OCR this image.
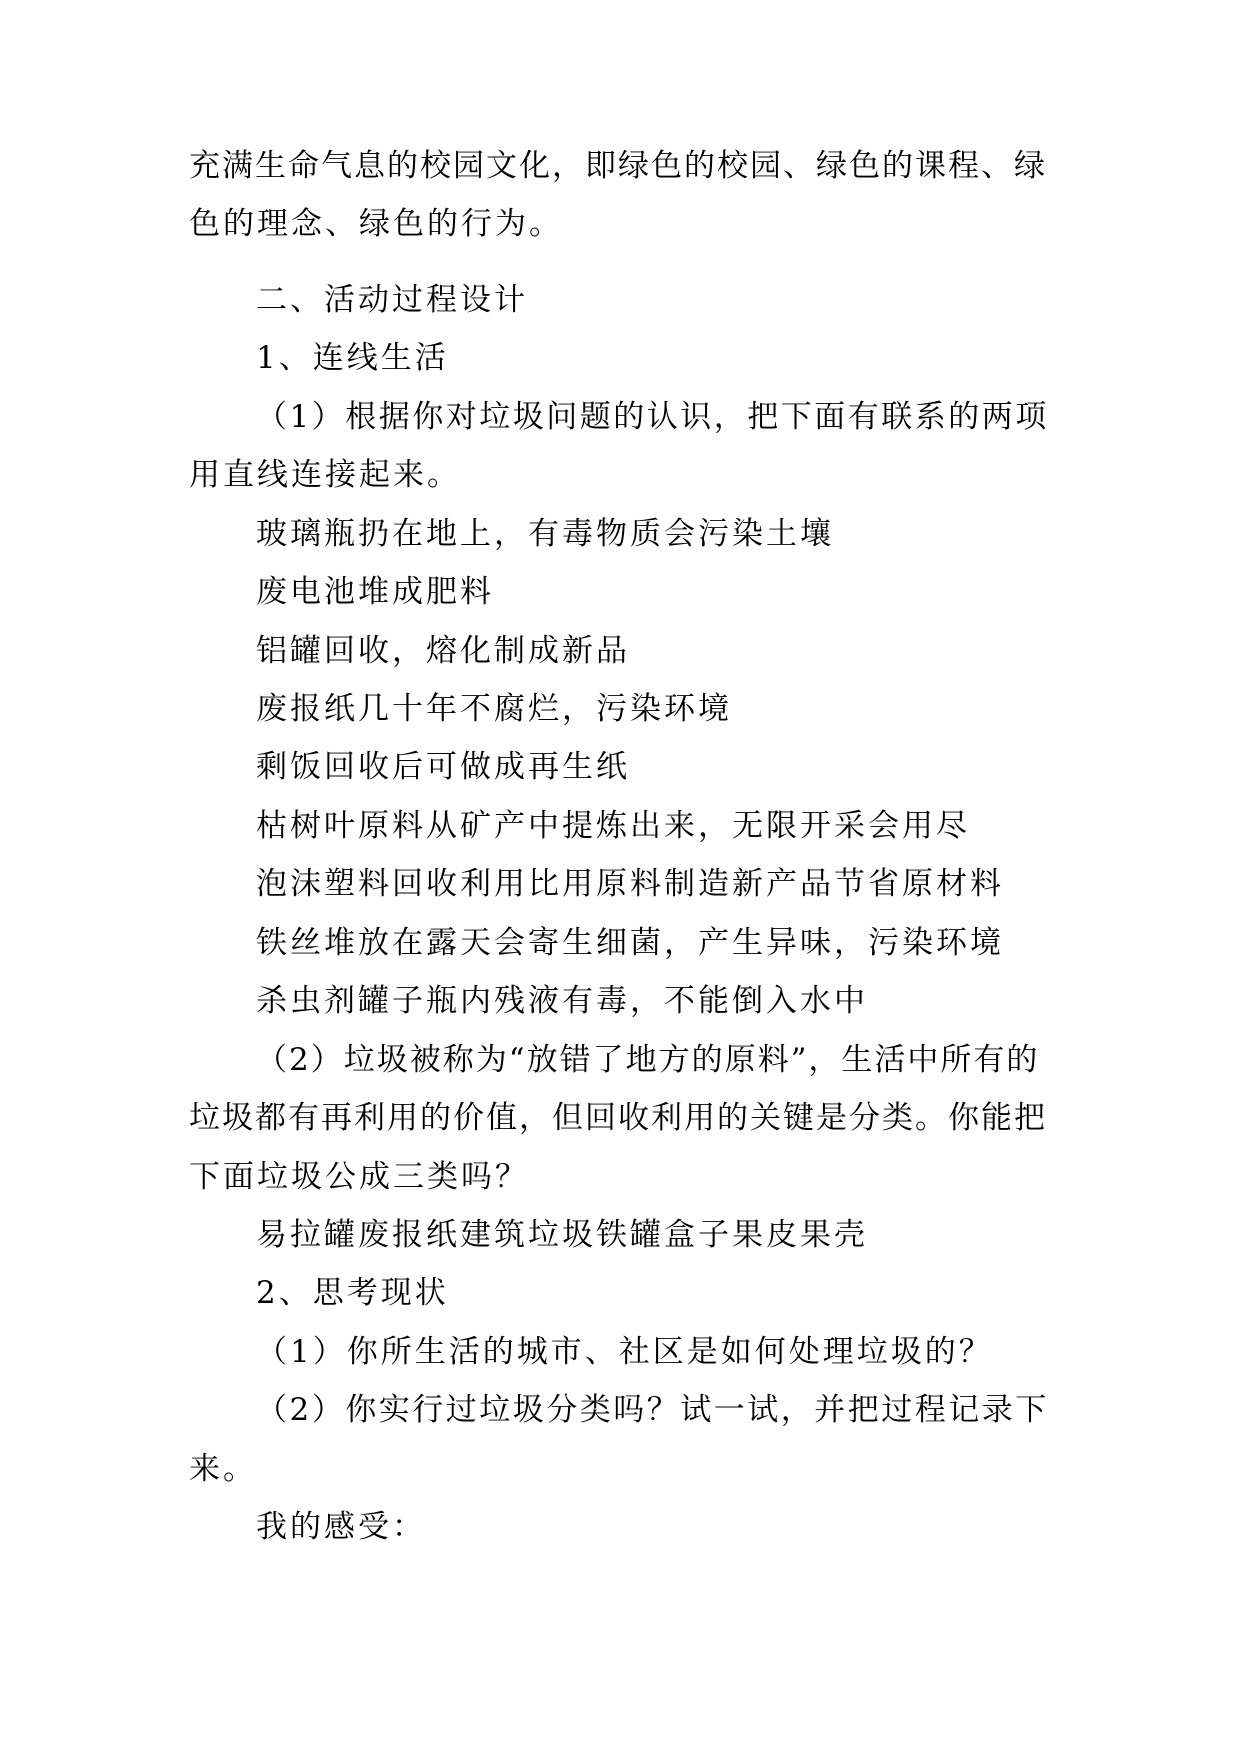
充满生命气息的校园文化，即绿色的校园、绿色的课程、绿
色的理念、绿色的行为。
二、活动过程设计
1、连线生活
（1）根据你对垃圾问题的认识，把下面有联系的两项
用直线连接起来。
玻璃瓶扔在地上，有毒物质会污染土壤
废电池堆成肥料
铝罐回收，熔化制成新品
废报纸几十年不腐烂，污染环境
剩饭回收后可做成再生纸
枯树叶原料从矿产中提炼出来，无限开采会用尽
泡沫塑料回收利用比用原料制造新产品节省原材料
铁丝堆放在露天会寄生细菌，产生异味，污染环境
杀虫剂罐子瓶内残液有毒，不能倒入水中
（2）垃圾被称为“放错了地方的原料”，生活中所有的
垃圾都有再利用的价值，但回收利用的关键是分类。你能把
下面垃圾公成三类吗？
易拉罐废报纸建筑垃圾铁罐盒子果皮果壳
2、思考现状
（1）你所生活的城市、社区是如何处理垃圾的？
（2）你实行过垃圾分类吗？试一试，并把过程记录下
来。
我的感受：
